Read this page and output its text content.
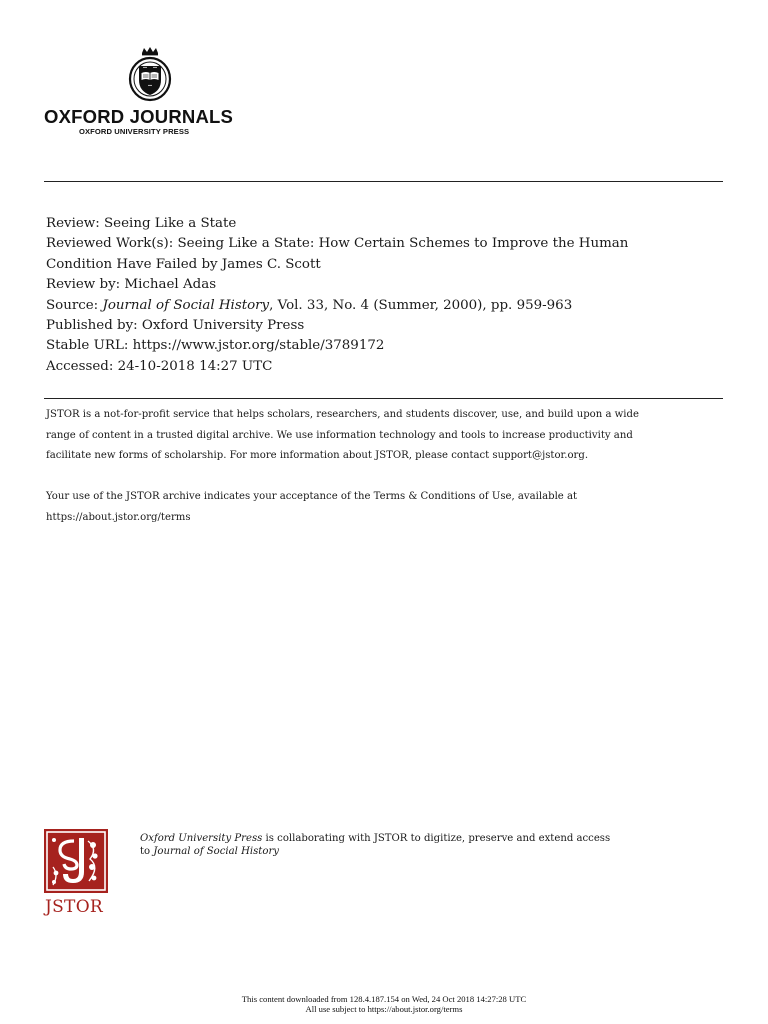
OXFORD JOURNALS
OXFORD UNIVERSITY PRESS
Review: Seeing Like a State
Reviewed Work(s): Seeing Like a State: How Certain Schemes to Improve the Human
Condition Have Failed by James C. Scott
Review by: Michael Adas
Source: Journal of Social History, Vol. 33, No. 4 (Summer, 2000), pp. 959-963
Published by: Oxford University Press
Stable URL: https://www.jstor.org/stable/3789172
Accessed: 24-10-2018 14:27 UTC
JSTOR is a not-for-profit service that helps scholars, researchers, and students discover, use, and build upon a wide
range of content in a trusted digital archive. We use information technology and tools to increase productivity and
facilitate new forms of scholarship. For more information about JSTOR, please contact support@jstor.org.
Your use of the JSTOR archive indicates your acceptance of the Terms & Conditions of Use, available at
https://about.jstor.org/terms
JSTOR
Oxford University Press is collaborating with JSTOR to digitize, preserve and extend access
to Journal of Social History
This content downloaded from 128.4.187.154 on Wed, 24 Oct 2018 14:27:28 UTC
All use subject to https://about.jstor.org/terms
